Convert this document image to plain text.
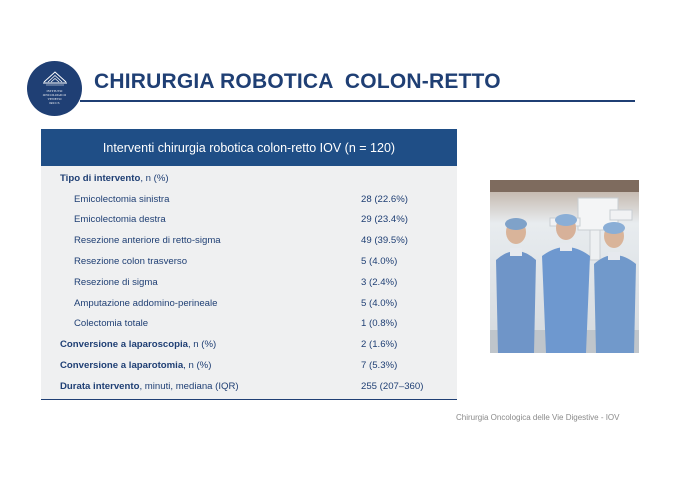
ISTITUTO
ONCOLOGICO
VENETO
IRCCS
CHIRURGIA ROBOTICA  COLON-RETTO
Interventi chirurgia robotica colon-retto IOV (n = 120)
Tipo di intervento, n (%)
Emicolectomia sinistra	28 (22.6%)
Emicolectomia destra	29 (23.4%)
Resezione anteriore di retto-sigma	49 (39.5%)
Resezione colon trasverso	5 (4.0%)
Resezione di sigma	3 (2.4%)
Amputazione addomino-perineale	5 (4.0%)
Colectomia totale	1 (0.8%)
Conversione a laparoscopia, n (%)	2 (1.6%)
Conversione a laparotomia, n (%)	7 (5.3%)
Durata intervento, minuti, mediana (IQR)	255 (207–360)
Chirurgia Oncologica delle Vie Digestive - IOV
